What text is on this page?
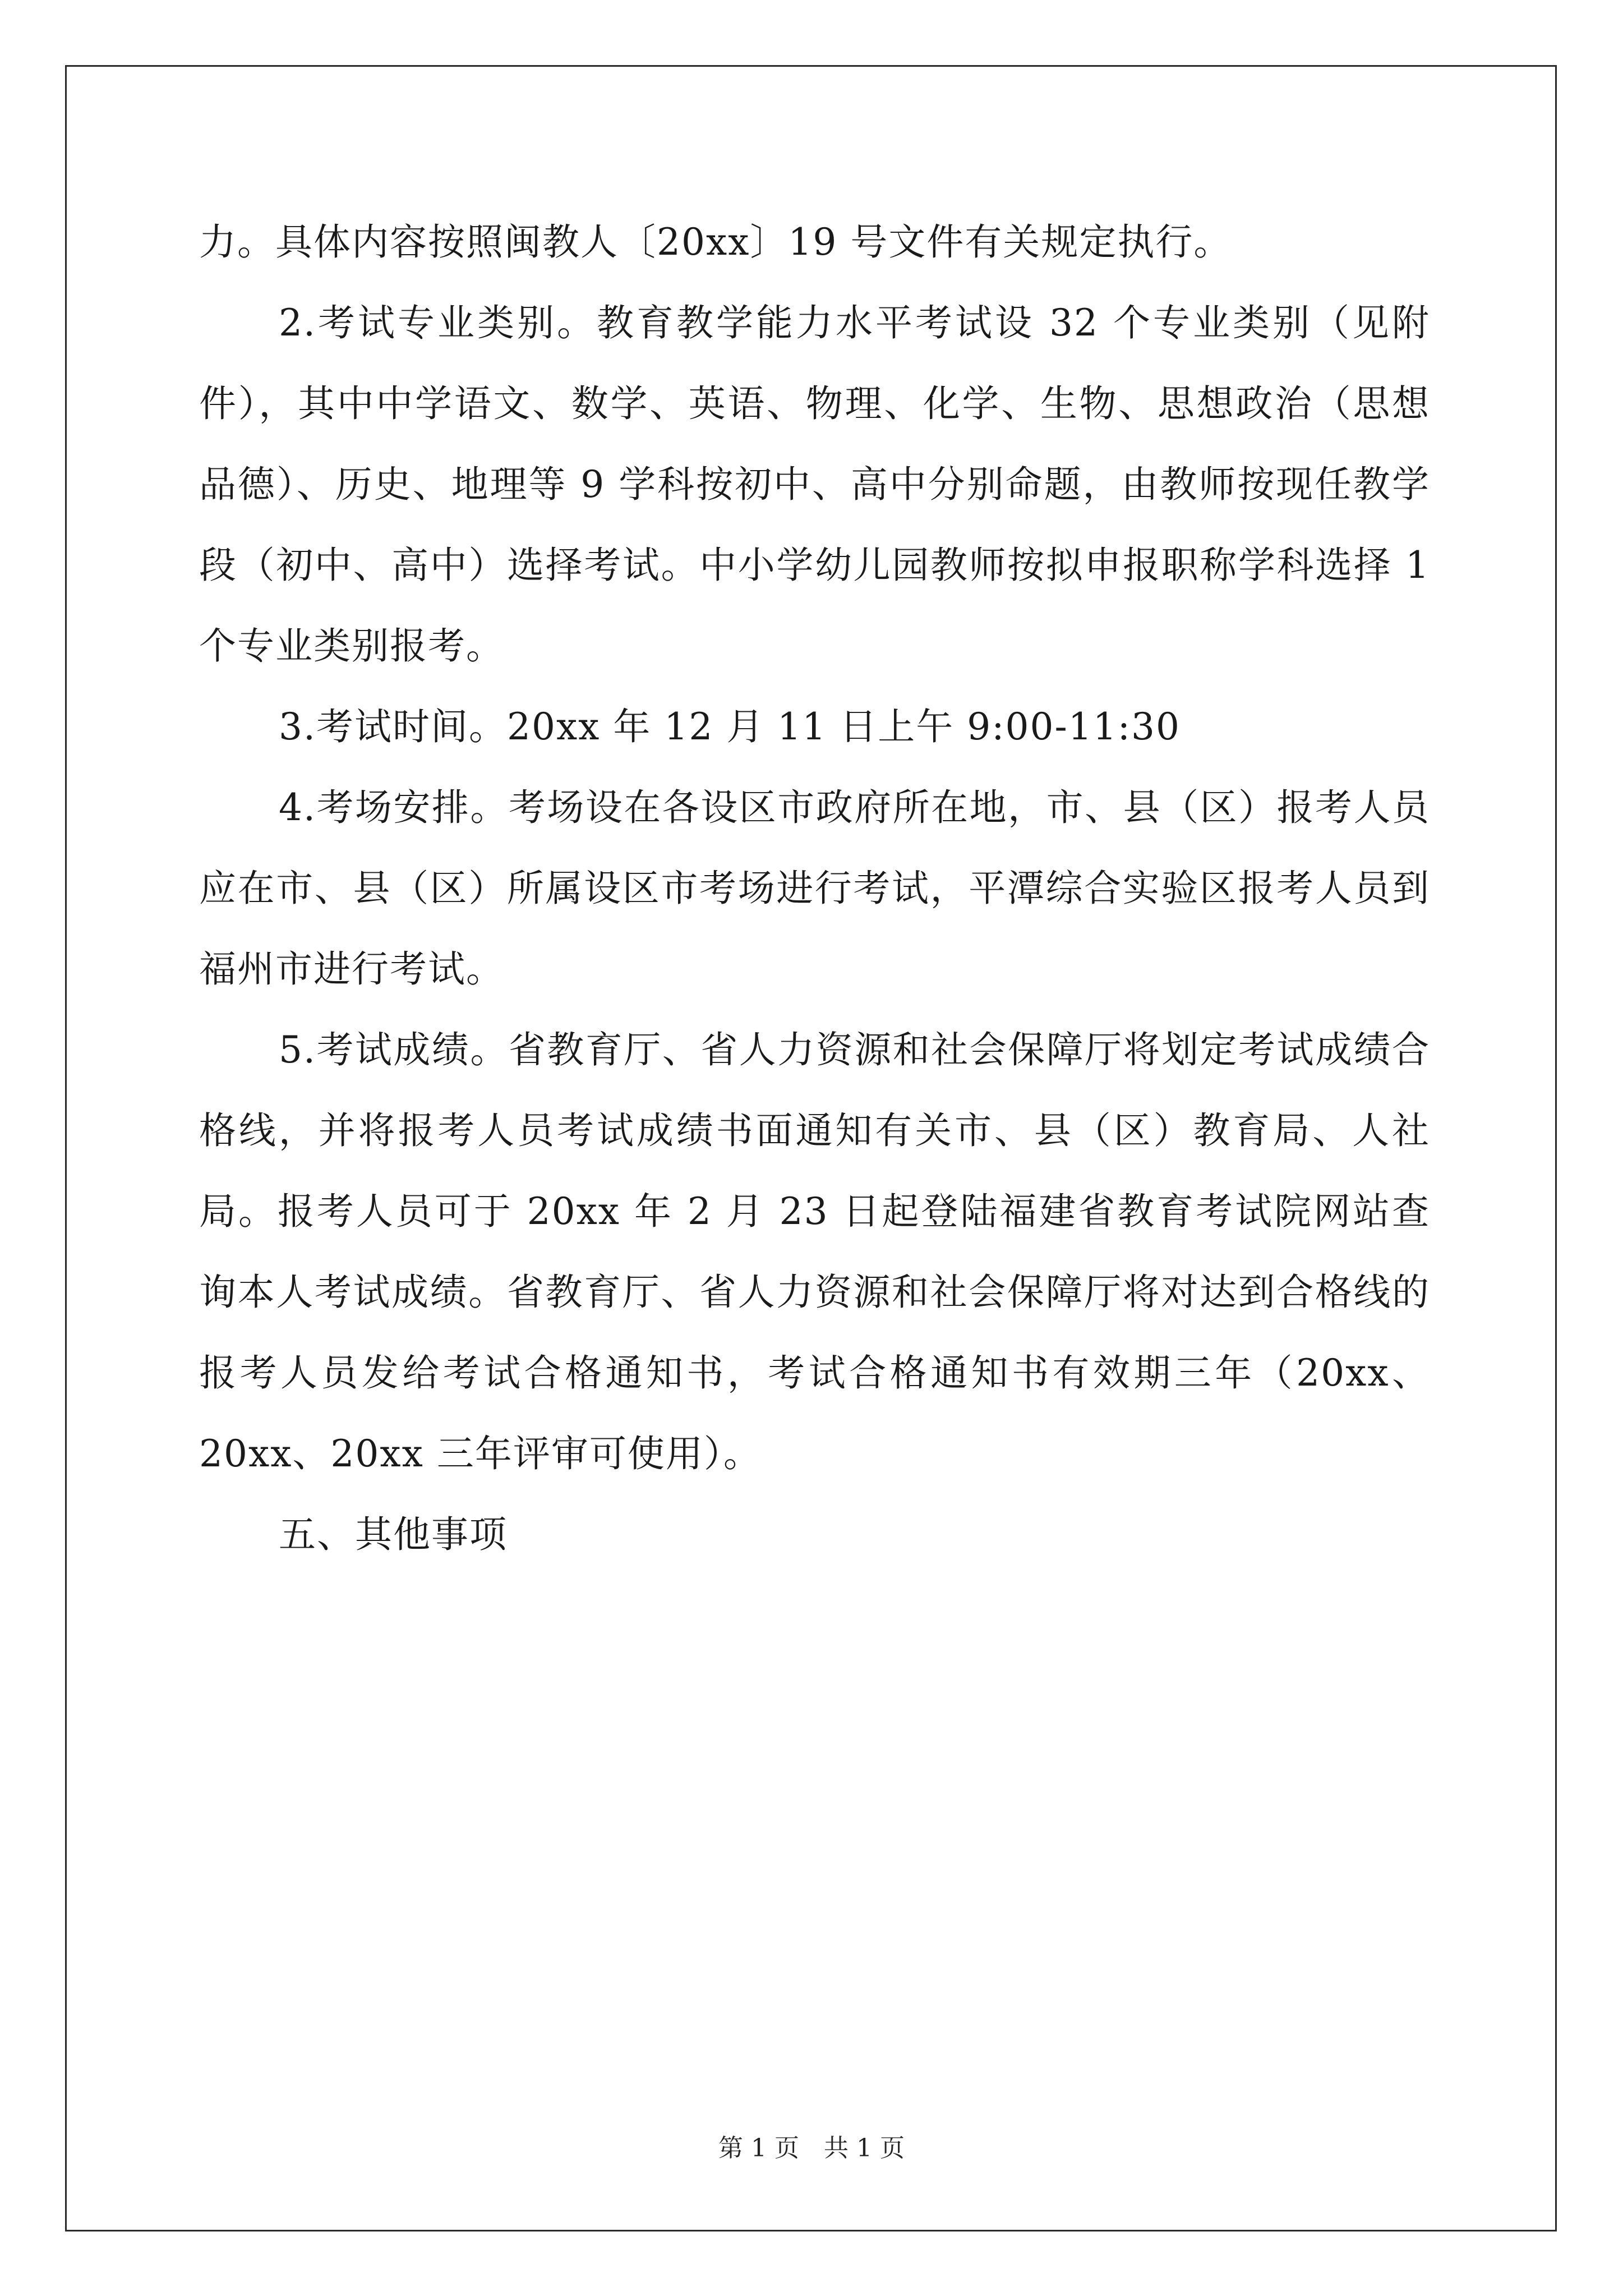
力。具体内容按照闽教人〔20xx〕19 号文件有关规定执行。

2.考试专业类别。教育教学能力水平考试设 32 个专业类别（见附件），其中中学语文、数学、英语、物理、化学、生物、思想政治（思想品德）、历史、地理等 9 学科按初中、高中分别命题，由教师按现任教学段（初中、高中）选择考试。中小学幼儿园教师按拟申报职称学科选择 1 个专业类别报考。

3.考试时间。20xx 年 12 月 11 日上午 9:00-11:30

4.考场安排。考场设在各设区市政府所在地，市、县（区）报考人员应在市、县（区）所属设区市考场进行考试，平潭综合实验区报考人员到福州市进行考试。

5.考试成绩。省教育厅、省人力资源和社会保障厅将划定考试成绩合格线，并将报考人员考试成绩书面通知有关市、县（区）教育局、人社局。报考人员可于 20xx 年 2 月 23 日起登陆福建省教育考试院网站查询本人考试成绩。省教育厅、省人力资源和社会保障厅将对达到合格线的报考人员发给考试合格通知书，考试合格通知书有效期三年（20xx、20xx、20xx 三年评审可使用）。

五、其他事项

第 1 页　共 1 页
